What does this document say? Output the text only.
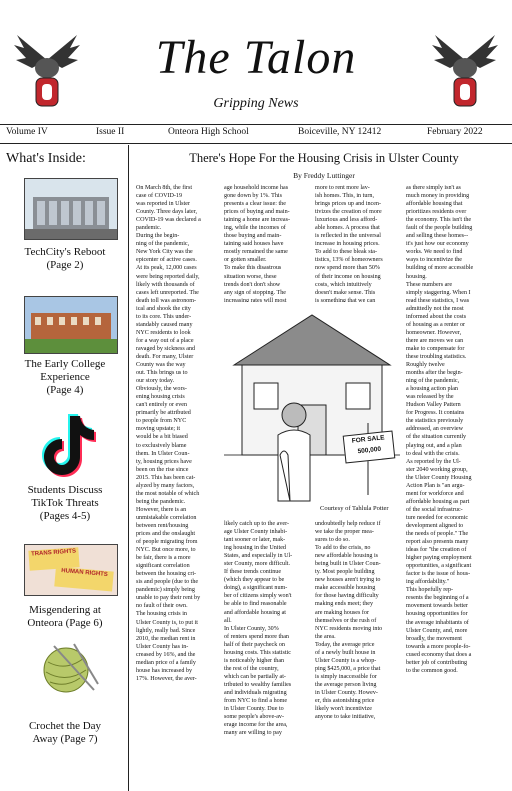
The Talon
Gripping News
Volume IV	Issue II	Onteora High School	Boiceville, NY 12412	February 2022
What's Inside:
TechCity's Reboot
(Page 2)
The Early College
Experience
(Page 4)
Students Discuss
TikTok Threats
(Pages 4-5)
TRANS RIGHTS
HUMAN RIGHTS
Misgendering at
Onteora (Page 6)
Crochet the Day
Away (Page 7)
There's Hope For the Housing Crisis in Ulster County
By Freddy Luttinger
On March 8th, the first
case of COVID-19
was reported in Ulster
County. Three days later,
COVID-19 was declared a
pandemic.
During the begin-
ning of the pandemic,
New York City was the
epicenter of active cases.
At its peak, 12,000 cases
were being reported daily,
likely with thousands of
cases left unreported. The
death toll was astronom-
ical and shook the city
to its core. This under-
standably caused many
NYC residents to look
for a way out of a place
ravaged by sickness and
death. For many, Ulster
County was the way
out. This brings us to
our story today.
Obviously, the wors-
ening housing crisis
can't entirely or even
primarily be attributed
to people from NYC
moving upstate; it
would be a bit biased
to exclusively blame
them. In Ulster Coun-
ty, housing prices have
been on the rise since
2015. This has been cat-
alyzed by many factors,
the most notable of which
being the pandemic.
However, there is an
unmistakable correlation
between rent/housing
prices and the onslaught
of people migrating from
NYC. But once more, to
be fair, there is a more
significant correlation
between the housing cri-
sis and people (due to the
pandemic) simply being
unable to pay their rent by
no fault of their own.
The housing crisis in
Ulster County is, to put it
lightly, really bad. Since
2010, the median rent in
Ulster County has in-
creased by 16%, and the
median price of a family
house has increased by
17%. However, the aver-
age household income has
gone down by 1%. This
presents a clear issue: the
prices of buying and main-
taining a home are increas-
ing, while the incomes of
those buying and main-
taining said houses have
mostly remained the same
or gotten smaller.
To make this disastrous
situation worse, these
trends don't don't show
any sign of stopping. The
increasing rates will most
more to rent more lav-
ish homes. This, in turn,
brings prices up and incen-
tivizes the creation of more
luxurious and less afford-
able homes. A process that
is reflected in the universal
increase in housing prices.
To add to these bleak sta-
tistics, 13% of homeowners
now spend more than 50%
of their income on housing
costs, which intuitively
doesn't make sense. This
is something that we can
as there simply isn't as
much money in providing
affordable housing that
prioritizes residents over
the economy. This isn't the
fault of the people building
and selling these homes--
it's just how our economy
works. We need to find
ways to incentivize the
building of more accessible
housing.
These numbers are
simply staggering. When I
read these statistics, I was
admittedly not the most
informed about the costs
of housing as a renter or
homeowner. However,
there are moves we can
make to compensate for
these troubling statistics.
Roughly twelve
months after the begin-
ning of the pandemic,
a housing action plan
was released by the
Hudson Valley Pattern
for Progress. It contains
the statistics previously
addressed, an overview
of the situation currently
playing out, and a plan
to deal with the crisis.
As reported by the Ul-
ster 2040 working group,
the Ulster County Housing
Action Plan is "an argu-
ment for workforce and
affordable housing as part
of the social infrastruc-
ture needed for economic
development aligned to
the needs of people." The
report also presents many
ideas for "the creation of
higher paying employment
opportunities, a significant
factor is the issue of hous-
ing affordability."
This hopefully rep-
resents the beginning of a
movement towards better
housing opportunities for
the average inhabitants of
Ulster County, and, more
broadly, the movement
towards a more people-fo-
cused economy that does a
better job of contributing
to the common good.
FOR SALE
500,000
Courtesy of Tahlula Potter
likely catch up to the aver-
age Ulster County inhabi-
tant sooner or later, mak-
ing housing in the United
States, and especially in Ul-
ster County, more difficult.
If these trends continue
(which they appear to be
doing), a significant num-
ber of citizens simply won't
be able to find reasonable
and affordable housing at
all.
In Ulster County, 30%
of renters spend more than
half of their paycheck on
housing costs. This statistic
is noticeably higher than
the rest of the country,
which can be partially at-
tributed to wealthy families
and individuals migrating
from NYC to find a home
in Ulster County. Due to
some people's above-av-
erage income for the area,
many are willing to pay
undoubtedly help reduce if
we take the proper mea-
sures to do so.
To add to the crisis, no
new affordable housing is
being built in Ulster Coun-
ty. Most people building
new houses aren't trying to
make accessible housing
for those having difficulty
making ends meet; they
are making houses for
themselves or the rush of
NYC residents moving into
the area.
Today, the average price
of a newly built house in
Ulster County is a whop-
ping $425,000, a price that
is simply inaccessible for
the average person living
in Ulster County. Howev-
er, this astonishing price
likely won't incentivize
anyone to take initiative,
